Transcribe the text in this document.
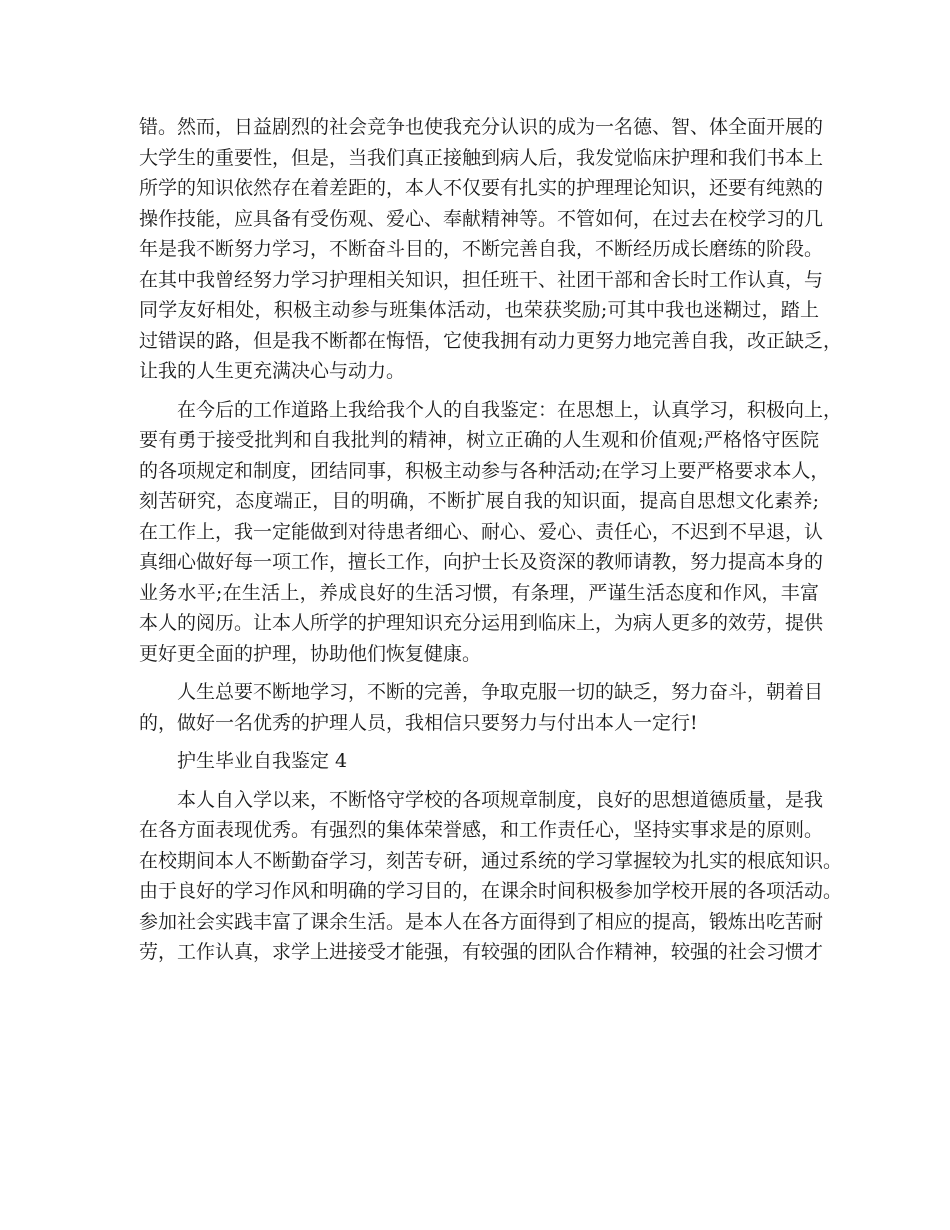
错。然而，日益剧烈的社会竞争也使我充分认识的成为一名德、智、体全面开展的
大学生的重要性，但是，当我们真正接触到病人后，我发觉临床护理和我们书本上
所学的知识依然存在着差距的，本人不仅要有扎实的护理理论知识，还要有纯熟的
操作技能，应具备有受伤观、爱心、奉献精神等。不管如何，在过去在校学习的几
年是我不断努力学习，不断奋斗目的，不断完善自我，不断经历成长磨练的阶段。
在其中我曾经努力学习护理相关知识，担任班干、社团干部和舍长时工作认真，与
同学友好相处，积极主动参与班集体活动，也荣获奖励;可其中我也迷糊过，踏上
过错误的路，但是我不断都在悔悟，它使我拥有动力更努力地完善自我，改正缺乏，
让我的人生更充满决心与动力。
在今后的工作道路上我给我个人的自我鉴定：在思想上，认真学习，积极向上，
要有勇于接受批判和自我批判的精神，树立正确的人生观和价值观;严格恪守医院
的各项规定和制度，团结同事，积极主动参与各种活动;在学习上要严格要求本人，
刻苦研究，态度端正，目的明确，不断扩展自我的知识面，提高自思想文化素养;
在工作上，我一定能做到对待患者细心、耐心、爱心、责任心，不迟到不早退，认
真细心做好每一项工作，擅长工作，向护士长及资深的教师请教，努力提高本身的
业务水平;在生活上，养成良好的生活习惯，有条理，严谨生活态度和作风，丰富
本人的阅历。让本人所学的护理知识充分运用到临床上，为病人更多的效劳，提供
更好更全面的护理，协助他们恢复健康。
人生总要不断地学习，不断的完善，争取克服一切的缺乏，努力奋斗，朝着目
的，做好一名优秀的护理人员，我相信只要努力与付出本人一定行!
护生毕业自我鉴定 4
本人自入学以来，不断恪守学校的各项规章制度，良好的思想道德质量，是我
在各方面表现优秀。有强烈的集体荣誉感，和工作责任心，坚持实事求是的原则。
在校期间本人不断勤奋学习，刻苦专研，通过系统的学习掌握较为扎实的根底知识。
由于良好的学习作风和明确的学习目的，在课余时间积极参加学校开展的各项活动。
参加社会实践丰富了课余生活。是本人在各方面得到了相应的提高，锻炼出吃苦耐
劳，工作认真，求学上进接受才能强，有较强的团队合作精神，较强的社会习惯才
